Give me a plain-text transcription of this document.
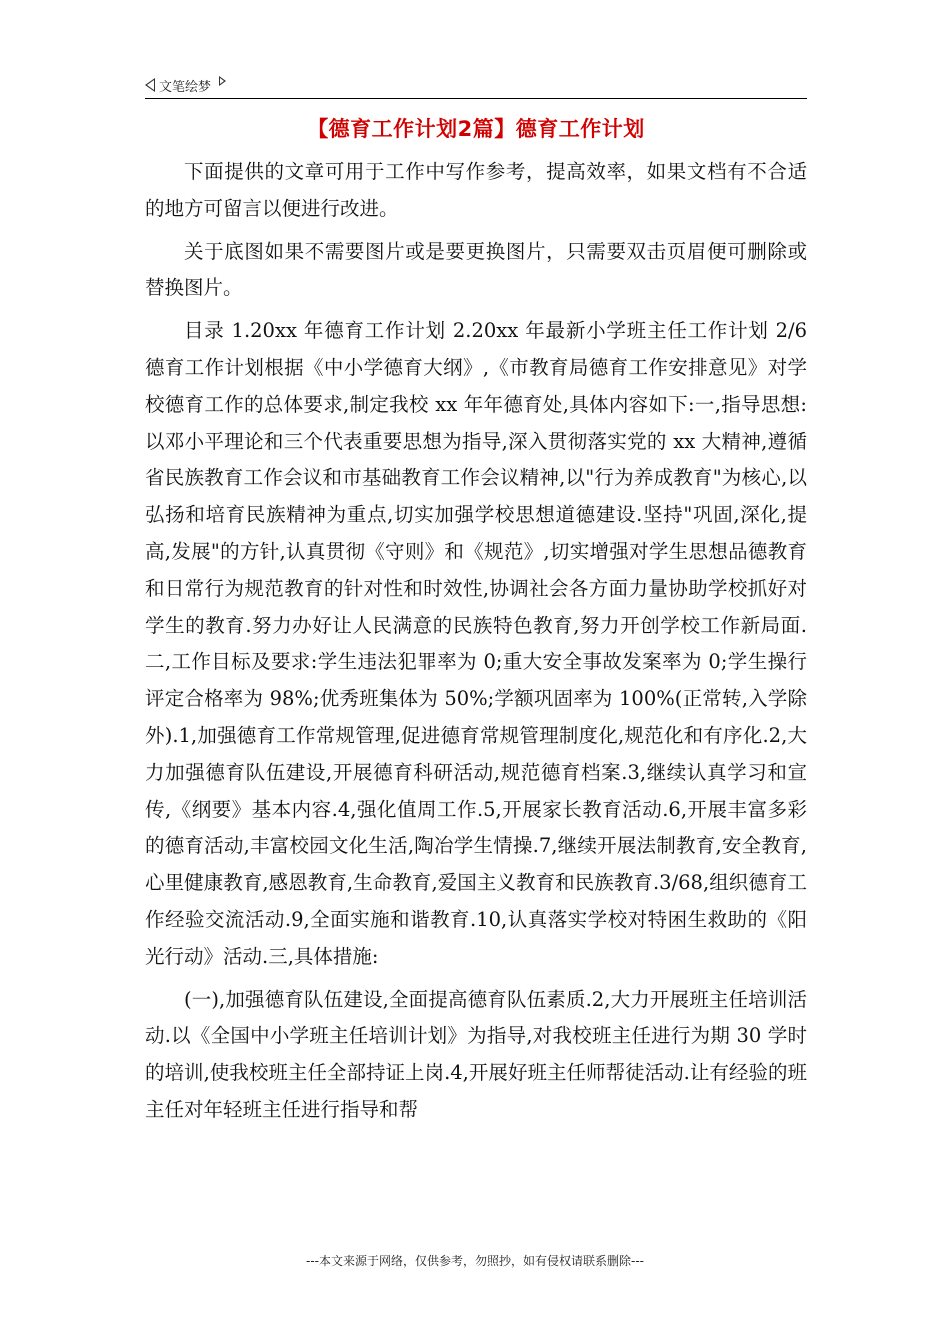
文笔绘梦
【德育工作计划2篇】德育工作计划

下面提供的文章可用于工作中写作参考，提高效率，如果文档有不合适的地方可留言以便进行改进。

关于底图如果不需要图片或是要更换图片，只需要双击页眉便可删除或替换图片。

目录 1.20xx 年德育工作计划 2.20xx 年最新小学班主任工作计划 2/6 德育工作计划根据《中小学德育大纲》,《市教育局德育工作安排意见》对学校德育工作的总体要求,制定我校 xx 年年德育处,具体内容如下:一,指导思想:以邓小平理论和三个代表重要思想为指导,深入贯彻落实党的 xx 大精神,遵循省民族教育工作会议和市基础教育工作会议精神,以"行为养成教育"为核心,以弘扬和培育民族精神为重点,切实加强学校思想道德建设.坚持"巩固,深化,提高,发展"的方针,认真贯彻《守则》和《规范》,切实增强对学生思想品德教育和日常行为规范教育的针对性和时效性,协调社会各方面力量协助学校抓好对学生的教育.努力办好让人民满意的民族特色教育,努力开创学校工作新局面.二,工作目标及要求:学生违法犯罪率为 0;重大安全事故发案率为 0;学生操行评定合格率为 98%;优秀班集体为 50%;学额巩固率为 100%(正常转,入学除外).1,加强德育工作常规管理,促进德育常规管理制度化,规范化和有序化.2,大力加强德育队伍建设,开展德育科研活动,规范德育档案.3,继续认真学习和宣传,《纲要》基本内容.4,强化值周工作.5,开展家长教育活动.6,开展丰富多彩的德育活动,丰富校园文化生活,陶冶学生情操.7,继续开展法制教育,安全教育,心里健康教育,感恩教育,生命教育,爱国主义教育和民族教育.3/68,组织德育工作经验交流活动.9,全面实施和谐教育.10,认真落实学校对特困生救助的《阳光行动》活动.三,具体措施:

(一),加强德育队伍建设,全面提高德育队伍素质.2,大力开展班主任培训活动.以《全国中小学班主任培训计划》为指导,对我校班主任进行为期 30 学时的培训,使我校班主任全部持证上岗.4,开展好班主任师帮徒活动.让有经验的班主任对年轻班主任进行指导和帮

---本文来源于网络，仅供参考，勿照抄，如有侵权请联系删除---
